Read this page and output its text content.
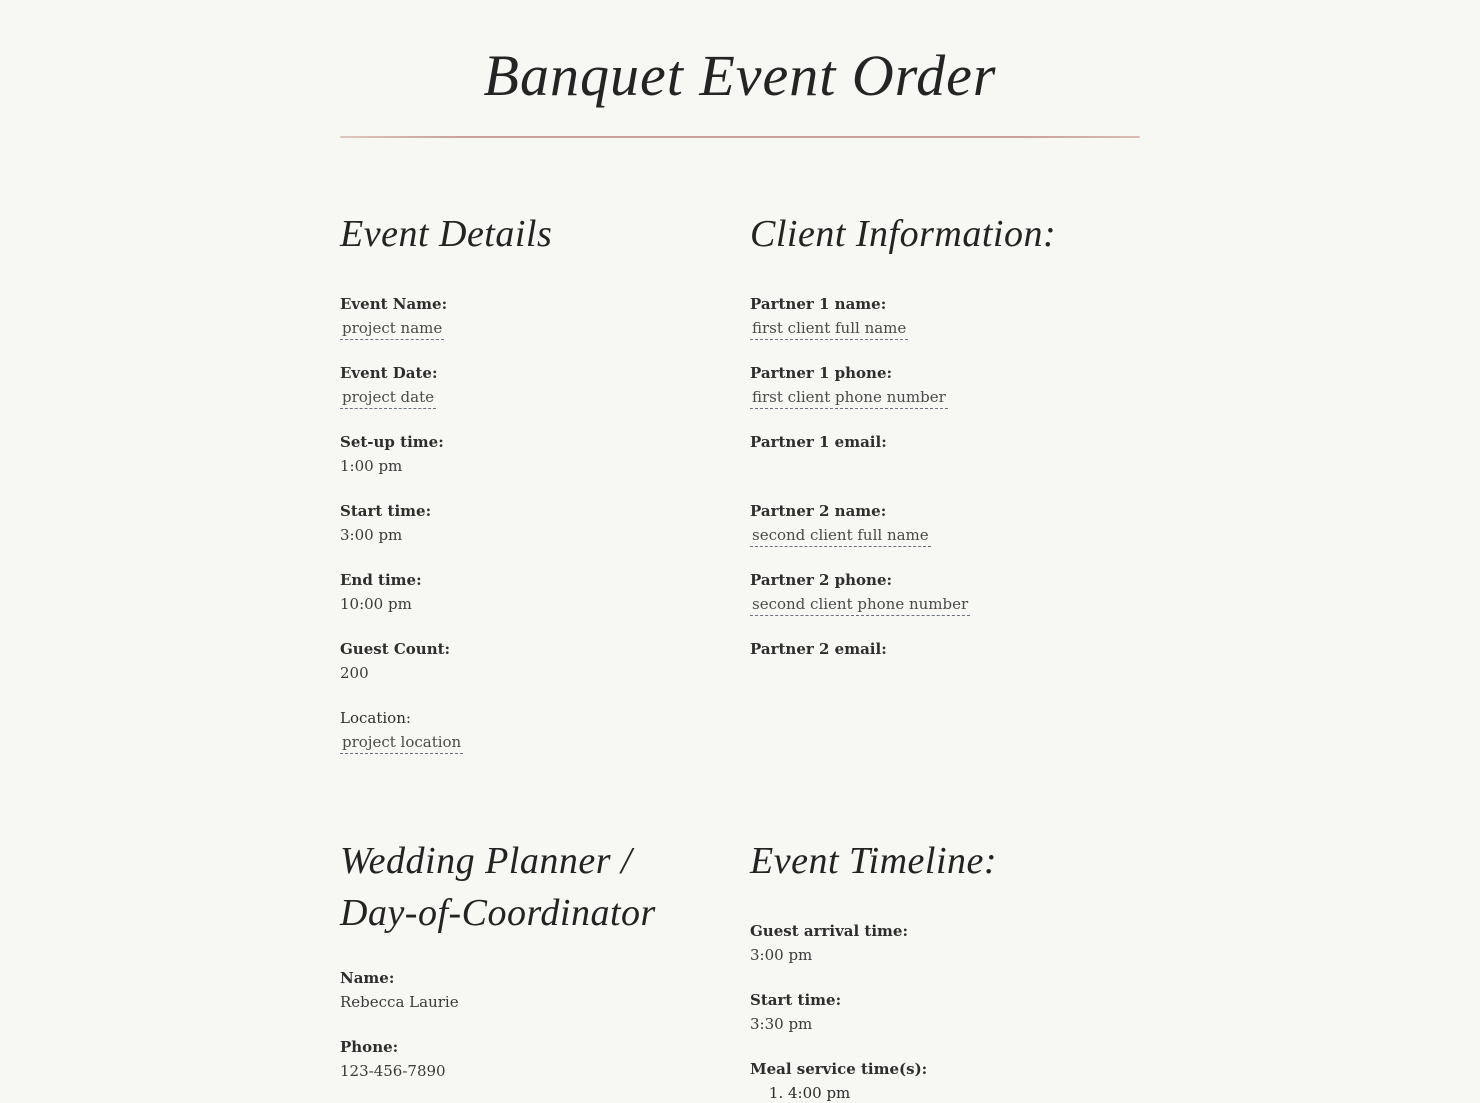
Banquet Event Order
Event Details
Event Name:
project name
Event Date:
project date
Set-up time:
1:00 pm
Start time:
3:00 pm
End time:
10:00 pm
Guest Count:
200
Location:
project location
Client Information:
Partner 1 name:
first client full name
Partner 1 phone:
first client phone number
Partner 1 email:
Partner 2 name:
second client full name
Partner 2 phone:
second client phone number
Partner 2 email:
Wedding Planner /
Day-of-Coordinator
Name:
Rebecca Laurie
Phone:
123-456-7890
Event Timeline:
Guest arrival time:
3:00 pm
Start time:
3:30 pm
Meal service time(s):
1. 4:00 pm
